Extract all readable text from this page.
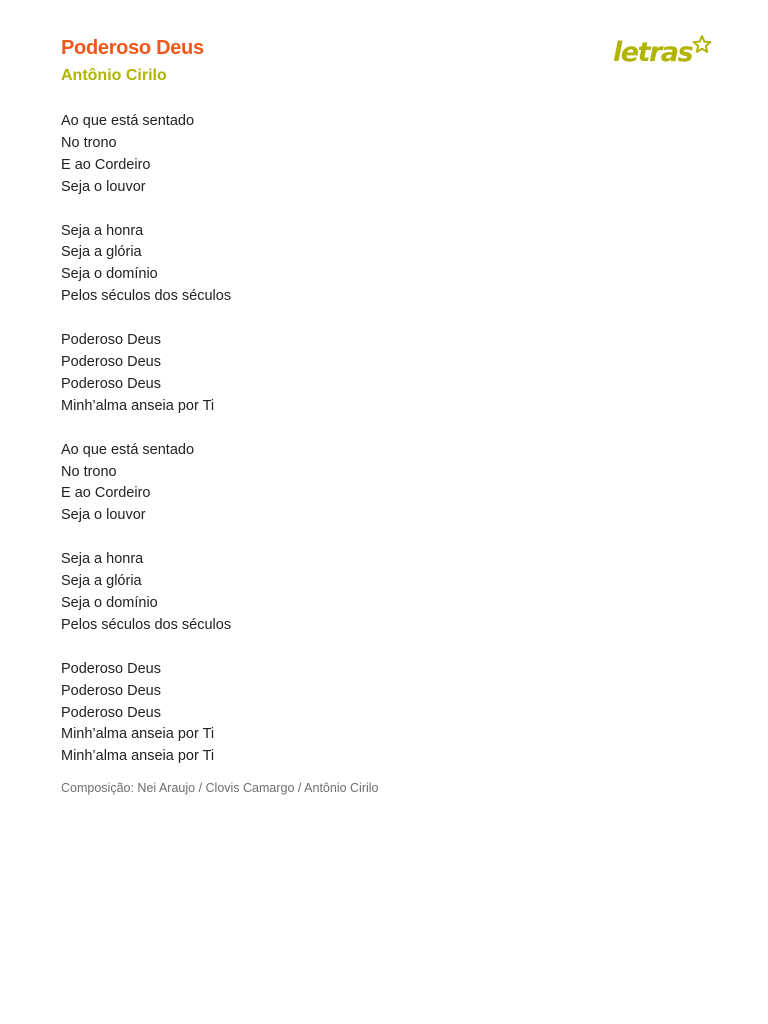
Poderoso Deus
Antônio Cirilo
letras
Ao que está sentado
No trono
E ao Cordeiro
Seja o louvor
Seja a honra
Seja a glória
Seja o domínio
Pelos séculos dos séculos
Poderoso Deus
Poderoso Deus
Poderoso Deus
Minh’alma anseia por Ti
Ao que está sentado
No trono
E ao Cordeiro
Seja o louvor
Seja a honra
Seja a glória
Seja o domínio
Pelos séculos dos séculos
Poderoso Deus
Poderoso Deus
Poderoso Deus
Minh’alma anseia por Ti
Minh’alma anseia por Ti
Composição: Nei Araujo / Clovis Camargo / Antônio Cirilo
